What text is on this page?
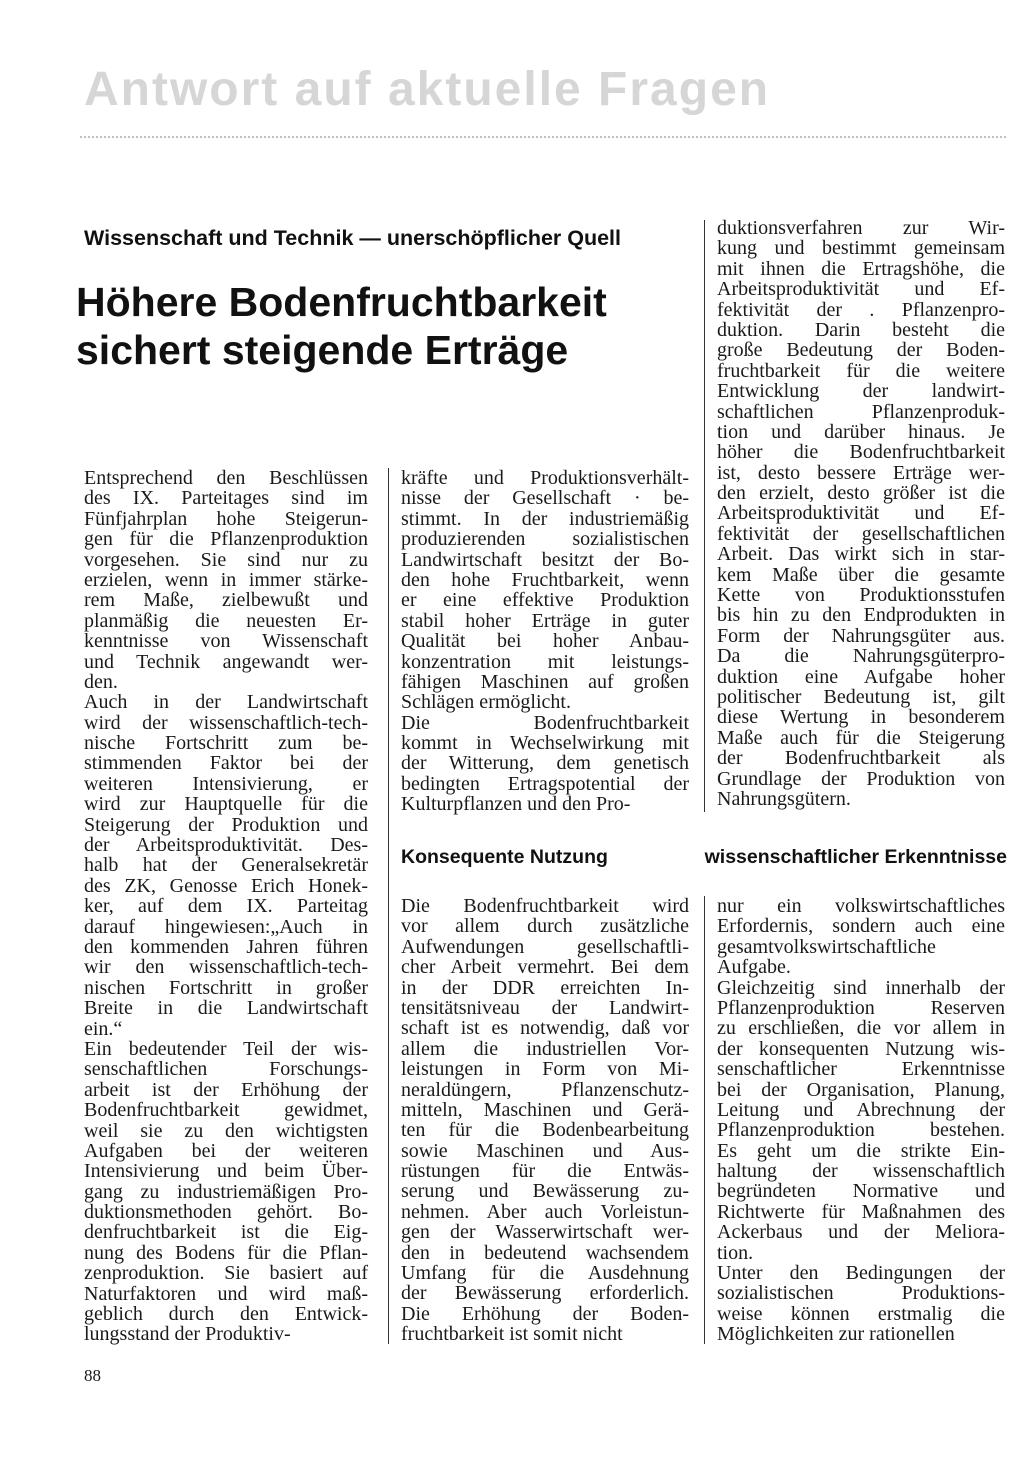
Antwort auf aktuelle Fragen
Wissenschaft und Technik — unerschöpflicher Quell
Höhere Bodenfruchtbarkeit
sichert steigende Erträge
Entsprechend den Beschlüssen
des IX. Parteitages sind im
Fünfjahrplan hohe Steigerun-
gen für die Pflanzenproduktion
vorgesehen. Sie sind nur zu
erzielen, wenn in immer stärke-
rem Maße, zielbewußt und
planmäßig die neuesten Er-
kenntnisse von Wissenschaft
und Technik angewandt wer-
den.
Auch in der Landwirtschaft
wird der wissenschaftlich-tech-
nische Fortschritt zum be-
stimmenden Faktor bei der
weiteren Intensivierung, er
wird zur Hauptquelle für die
Steigerung der Produktion und
der Arbeitsproduktivität. Des-
halb hat der Generalsekretär
des ZK, Genosse Erich Honek-
ker, auf dem IX. Parteitag
darauf hingewiesen:„Auch in
den kommenden Jahren führen
wir den wissenschaftlich-tech-
nischen Fortschritt in großer
Breite in die Landwirtschaft
ein.“
Ein bedeutender Teil der wis-
senschaftlichen Forschungs-
arbeit ist der Erhöhung der
Bodenfruchtbarkeit gewidmet,
weil sie zu den wichtigsten
Aufgaben bei der weiteren
Intensivierung und beim Über-
gang zu industriemäßigen Pro-
duktionsmethoden gehört. Bo-
denfruchtbarkeit ist die Eig-
nung des Bodens für die Pflan-
zenproduktion. Sie basiert auf
Naturfaktoren und wird maß-
geblich durch den Entwick-
lungsstand der Produktiv-
kräfte und Produktionsverhält-
nisse der Gesellschaft · be-
stimmt. In der industriemäßig
produzierenden sozialistischen
Landwirtschaft besitzt der Bo-
den hohe Fruchtbarkeit, wenn
er eine effektive Produktion
stabil hoher Erträge in guter
Qualität bei hoher Anbau-
konzentration mit leistungs-
fähigen Maschinen auf großen
Schlägen ermöglicht.
Die Bodenfruchtbarkeit
kommt in Wechselwirkung mit
der Witterung, dem genetisch
bedingten Ertragspotential der
Kulturpflanzen und den Pro-
duktionsverfahren zur Wir-
kung und bestimmt gemeinsam
mit ihnen die Ertragshöhe, die
Arbeitsproduktivität und Ef-
fektivität der . Pflanzenpro-
duktion. Darin besteht die
große Bedeutung der Boden-
fruchtbarkeit für die weitere
Entwicklung der landwirt-
schaftlichen Pflanzenproduk-
tion und darüber hinaus. Je
höher die Bodenfruchtbarkeit
ist, desto bessere Erträge wer-
den erzielt, desto größer ist die
Arbeitsproduktivität und Ef-
fektivität der gesellschaftlichen
Arbeit. Das wirkt sich in star-
kem Maße über die gesamte
Kette von Produktionsstufen
bis hin zu den Endprodukten in
Form der Nahrungsgüter aus.
Da die Nahrungsgüterpro-
duktion eine Aufgabe hoher
politischer Bedeutung ist, gilt
diese Wertung in besonderem
Maße auch für die Steigerung
der Bodenfruchtbarkeit als
Grundlage der Produktion von
Nahrungsgütern.
Konsequente Nutzung	wissenschaftlicher Erkenntnisse
Die Bodenfruchtbarkeit wird
vor allem durch zusätzliche
Aufwendungen gesellschaftli-
cher Arbeit vermehrt. Bei dem
in der DDR erreichten In-
tensitätsniveau der Landwirt-
schaft ist es notwendig, daß vor
allem die industriellen Vor-
leistungen in Form von Mi-
neraldüngern, Pflanzenschutz-
mitteln, Maschinen und Gerä-
ten für die Bodenbearbeitung
sowie Maschinen und Aus-
rüstungen für die Entwäs-
serung und Bewässerung zu-
nehmen. Aber auch Vorleistun-
gen der Wasserwirtschaft wer-
den in bedeutend wachsendem
Umfang für die Ausdehnung
der Bewässerung erforderlich.
Die Erhöhung der Boden-
fruchtbarkeit ist somit nicht
nur ein volkswirtschaftliches
Erfordernis, sondern auch eine
gesamtvolkswirtschaftliche
Aufgabe.
Gleichzeitig sind innerhalb der
Pflanzenproduktion Reserven
zu erschließen, die vor allem in
der konsequenten Nutzung wis-
senschaftlicher Erkenntnisse
bei der Organisation, Planung,
Leitung und Abrechnung der
Pflanzenproduktion bestehen.
Es geht um die strikte Ein-
haltung der wissenschaftlich
begründeten Normative und
Richtwerte für Maßnahmen des
Ackerbaus und der Meliora-
tion.
Unter den Bedingungen der
sozialistischen Produktions-
weise können erstmalig die
Möglichkeiten zur rationellen
88
